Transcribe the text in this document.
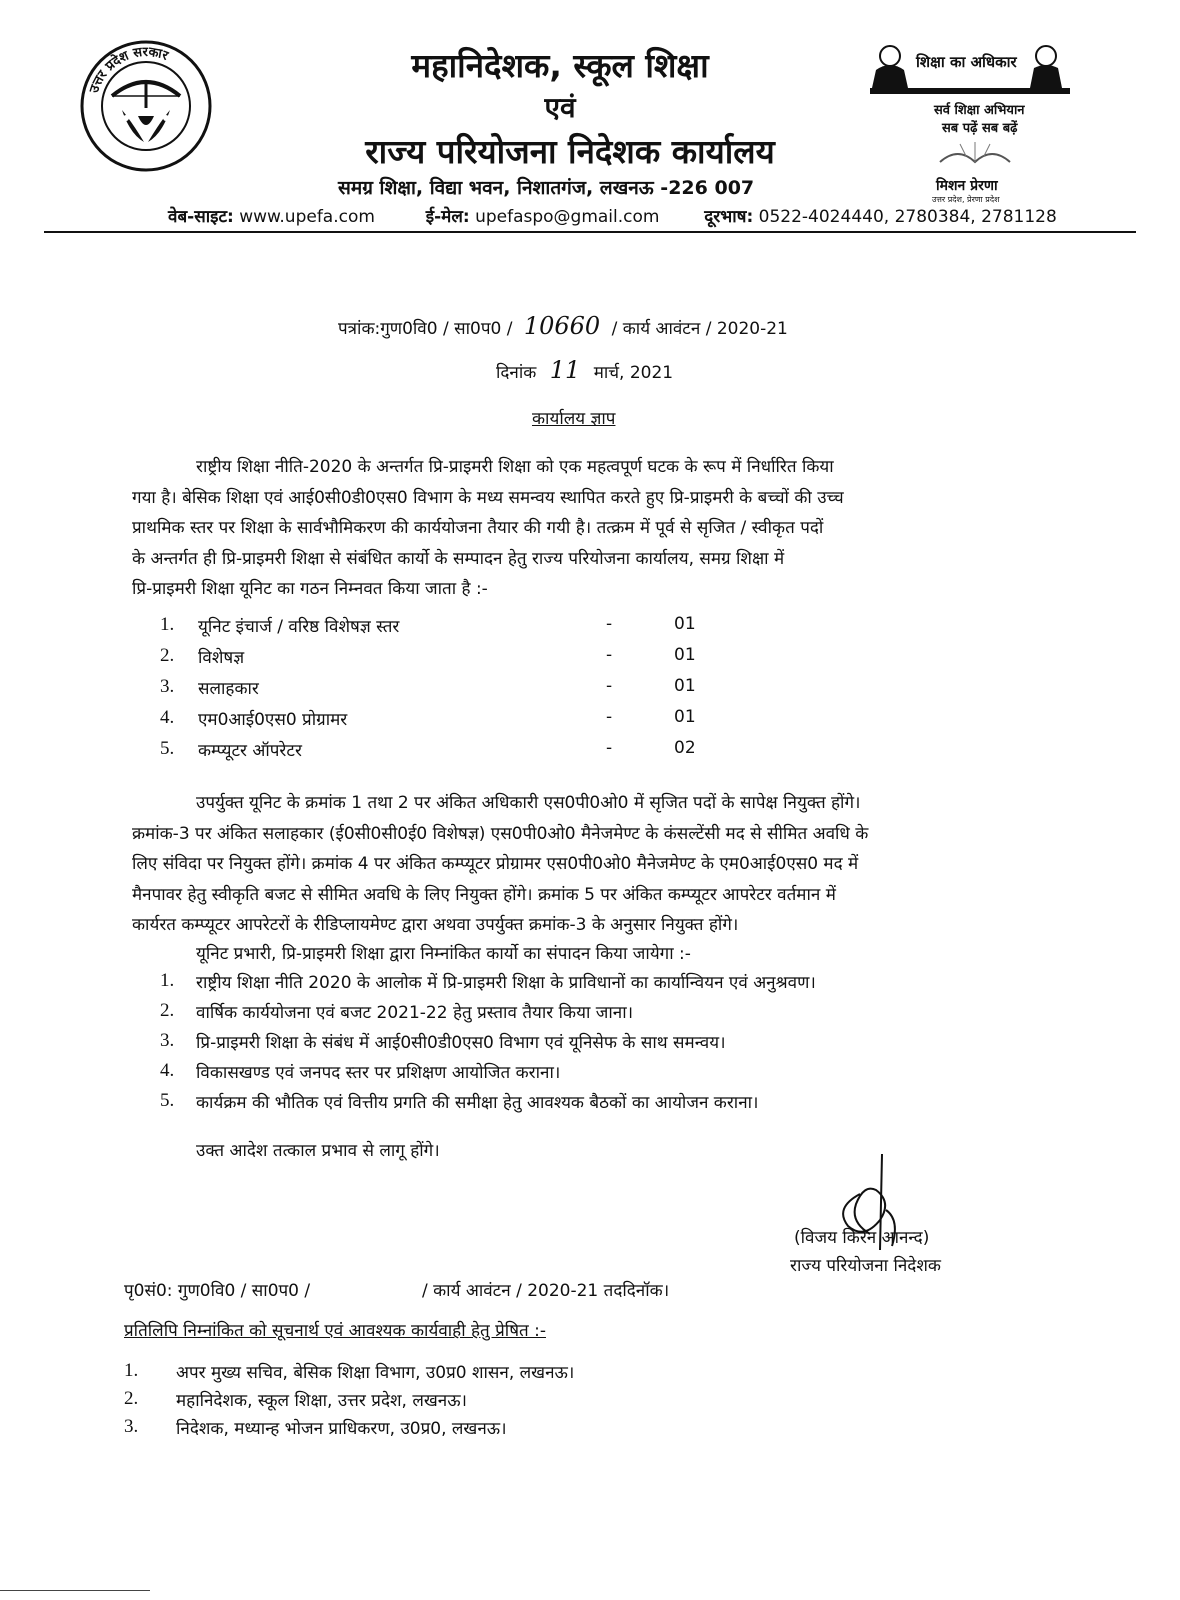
उत्तर प्रदेश सरकार	महानिदेशक, स्कूल शिक्षा
एवं
राज्य परियोजना निदेशक कार्यालय
समग्र शिक्षा, विद्या भवन, निशातगंज, लखनऊ -226 007
वेब-साइट: www.upefa.com	ई-मेल: upefaspo@gmail.com	दूरभाष: 0522-4024440, 2780384, 2781128
शिक्षा का अधिकार
सर्व शिक्षा अभियान
सब पढ़ें सब बढ़ें
मिशन प्रेरणा
उत्तर प्रदेश, प्रेरणा प्रदेश
पत्रांक:गुण0वि0 / सा0प0 / 10660 / कार्य आवंटन / 2020-21
दिनांक 11 मार्च, 2021
कार्यालय ज्ञाप
राष्ट्रीय शिक्षा नीति-2020 के अन्तर्गत प्रि-प्राइमरी शिक्षा को एक महत्वपूर्ण घटक के रूप में निर्धारित किया
गया है। बेसिक शिक्षा एवं आई0सी0डी0एस0 विभाग के मध्य समन्वय स्थापित करते हुए प्रि-प्राइमरी के बच्चों की उच्च
प्राथमिक स्तर पर शिक्षा के सार्वभौमिकरण की कार्ययोजना तैयार की गयी है। तत्क्रम में पूर्व से सृजित / स्वीकृत पदों
के अन्तर्गत ही प्रि-प्राइमरी शिक्षा से संबंधित कार्यो के सम्पादन हेतु राज्य परियोजना कार्यालय, समग्र शिक्षा में
प्रि-प्राइमरी शिक्षा यूनिट का गठन निम्नवत किया जाता है :-
1. यूनिट इंचार्ज / वरिष्ठ विशेषज्ञ स्तर	-	01
2. विशेषज्ञ	-	01
3. सलाहकार	-	01
4. एम0आई0एस0 प्रोग्रामर	-	01
5. कम्प्यूटर ऑपरेटर	-	02
उपर्युक्त यूनिट के क्रमांक 1 तथा 2 पर अंकित अधिकारी एस0पी0ओ0 में सृजित पदों के सापेक्ष नियुक्त होंगे।
क्रमांक-3 पर अंकित सलाहकार (ई0सी0सी0ई0 विशेषज्ञ) एस0पी0ओ0 मैनेजमेण्ट के कंसल्टेंसी मद से सीमित अवधि के
लिए संविदा पर नियुक्त होंगे। क्रमांक 4 पर अंकित कम्प्यूटर प्रोग्रामर एस0पी0ओ0 मैनेजमेण्ट के एम0आई0एस0 मद में
मैनपावर हेतु स्वीकृति बजट से सीमित अवधि के लिए नियुक्त होंगे। क्रमांक 5 पर अंकित कम्प्यूटर आपरेटर वर्तमान में
कार्यरत कम्प्यूटर आपरेटरों के रीडिप्लायमेण्ट द्वारा अथवा उपर्युक्त क्रमांक-3 के अनुसार नियुक्त होंगे।
यूनिट प्रभारी, प्रि-प्राइमरी शिक्षा द्वारा निम्नांकित कार्यो का संपादन किया जायेगा :-
1. राष्ट्रीय शिक्षा नीति 2020 के आलोक में प्रि-प्राइमरी शिक्षा के प्राविधानों का कार्यान्वियन एवं अनुश्रवण।
2. वार्षिक कार्ययोजना एवं बजट 2021-22 हेतु प्रस्ताव तैयार किया जाना।
3. प्रि-प्राइमरी शिक्षा के संबंध में आई0सी0डी0एस0 विभाग एवं यूनिसेफ के साथ समन्वय।
4. विकासखण्ड एवं जनपद स्तर पर प्रशिक्षण आयोजित कराना।
5. कार्यक्रम की भौतिक एवं वित्तीय प्रगति की समीक्षा हेतु आवश्यक बैठकों का आयोजन कराना।
उक्त आदेश तत्काल प्रभाव से लागू होंगे।
(विजय किरन आनन्द)
राज्य परियोजना निदेशक
पृ0सं0: गुण0वि0 / सा0प0 /	/ कार्य आवंटन / 2020-21 तददिनॉक।
प्रतिलिपि निम्नांकित को सूचनार्थ एवं आवश्यक कार्यवाही हेतु प्रेषित :-
1. अपर मुख्य सचिव, बेसिक शिक्षा विभाग, उ0प्र0 शासन, लखनऊ।
2. महानिदेशक, स्कूल शिक्षा, उत्तर प्रदेश, लखनऊ।
3. निदेशक, मध्यान्ह भोजन प्राधिकरण, उ0प्र0, लखनऊ।
